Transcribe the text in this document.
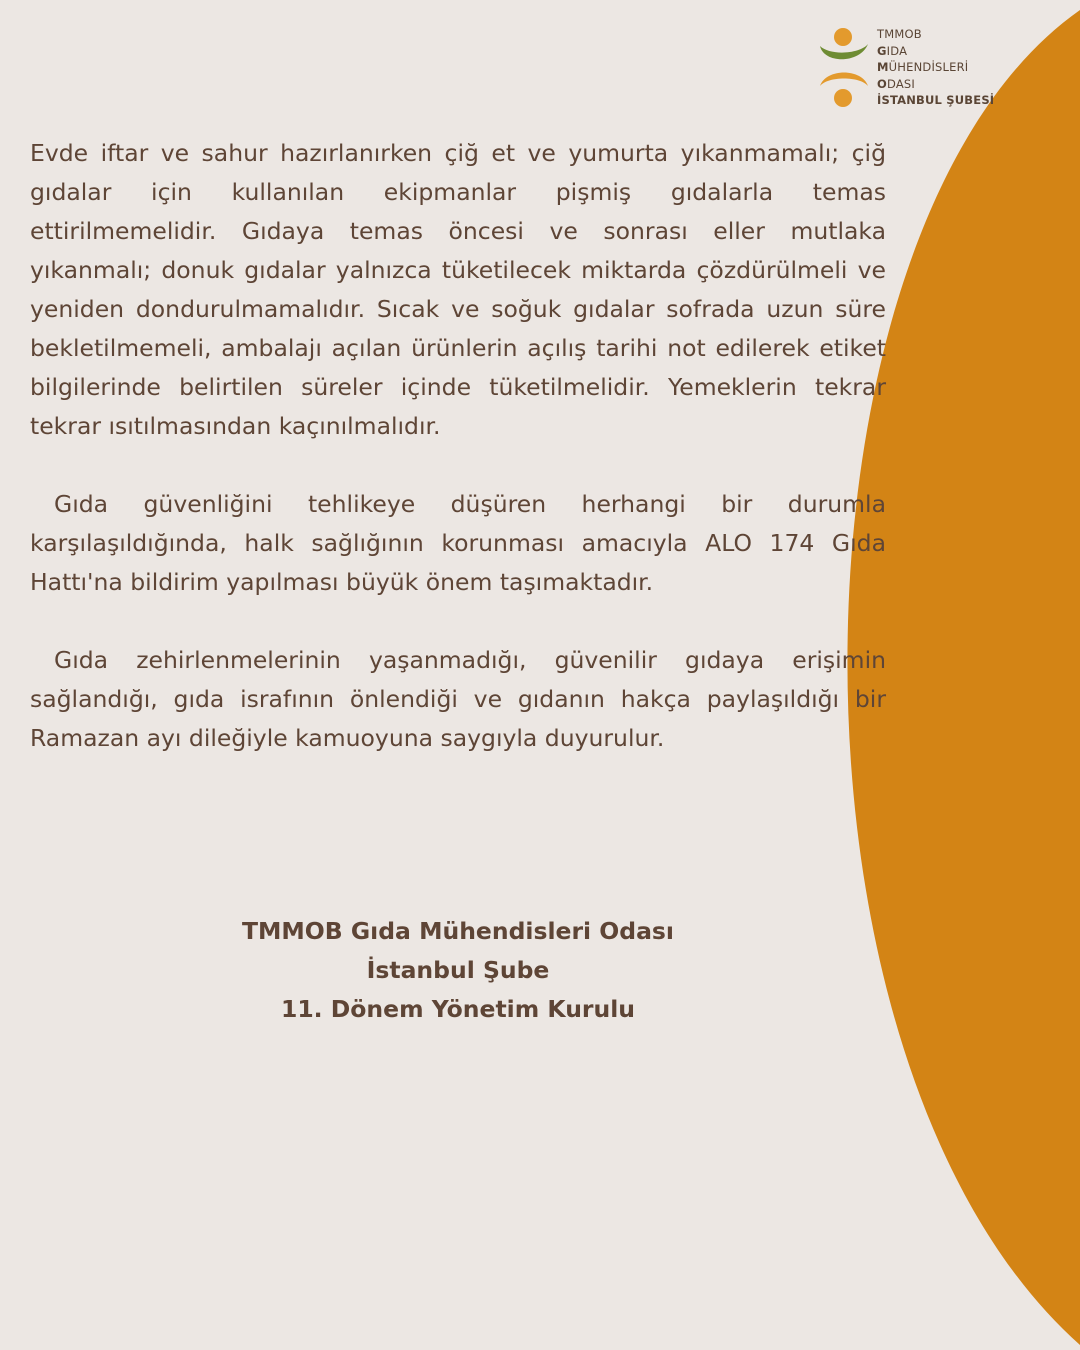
TMMOB
GIDA
MÜHENDİSLERİ
ODASI
İSTANBUL ŞUBESİ

Evde iftar ve sahur hazırlanırken çiğ et ve yumurta yıkanmamalı; çiğ gıdalar için kullanılan ekipmanlar pişmiş gıdalarla temas ettirilmemelidir. Gıdaya temas öncesi ve sonrası eller mutlaka yıkanmalı; donuk gıdalar yalnızca tüketilecek miktarda çözdürülmeli ve yeniden dondurulmamalıdır. Sıcak ve soğuk gıdalar sofrada uzun süre bekletilmemeli, ambalajı açılan ürünlerin açılış tarihi not edilerek etiket bilgilerinde belirtilen süreler içinde tüketilmelidir. Yemeklerin tekrar tekrar ısıtılmasından kaçınılmalıdır.

Gıda güvenliğini tehlikeye düşüren herhangi bir durumla karşılaşıldığında, halk sağlığının korunması amacıyla ALO 174 Gıda Hattı'na bildirim yapılması büyük önem taşımaktadır.

Gıda zehirlenmelerinin yaşanmadığı, güvenilir gıdaya erişimin sağlandığı, gıda israfının önlendiği ve gıdanın hakça paylaşıldığı bir Ramazan ayı dileğiyle kamuoyuna saygıyla duyurulur.

TMMOB Gıda Mühendisleri Odası
İstanbul Şube
11. Dönem Yönetim Kurulu
